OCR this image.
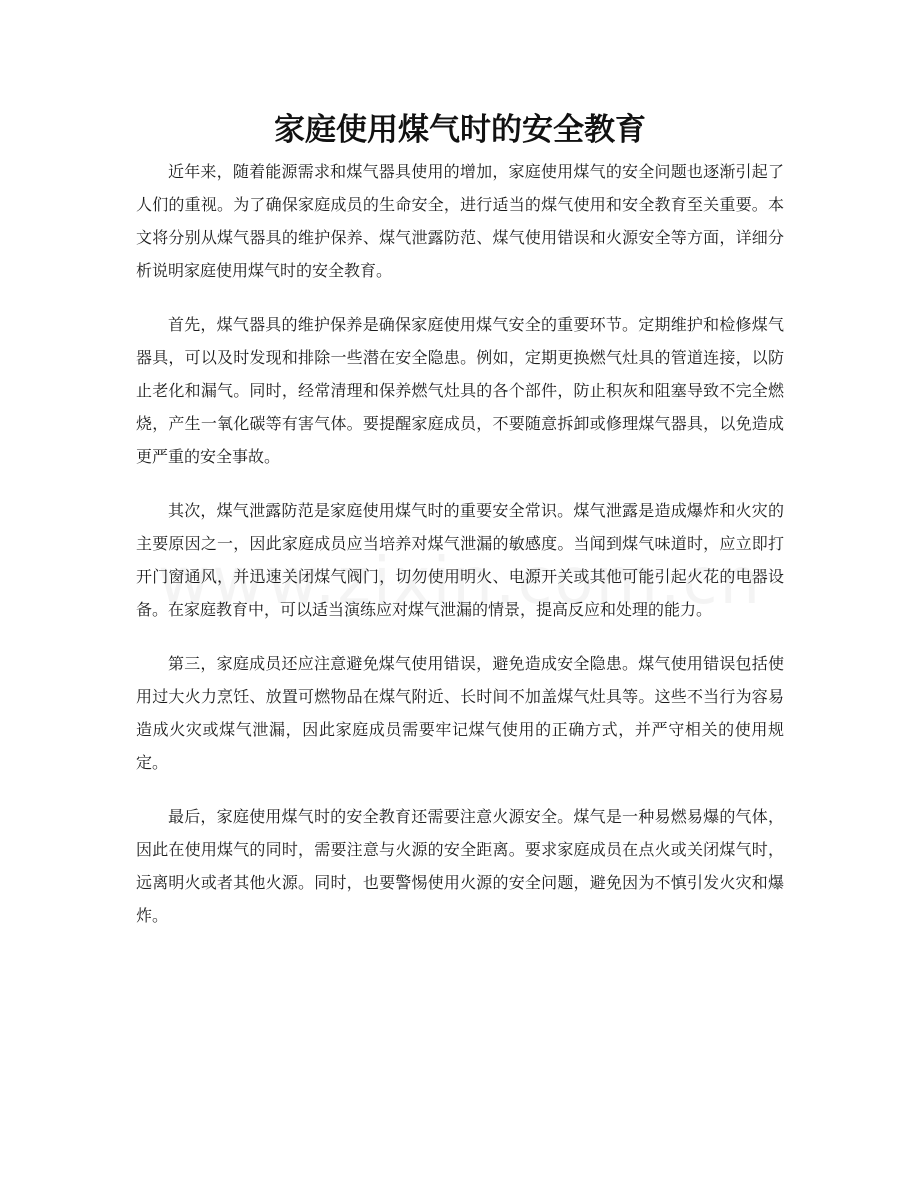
家庭使用煤气时的安全教育

近年来，随着能源需求和煤气器具使用的增加，家庭使用煤气的安全问题也逐渐引起了人们的重视。为了确保家庭成员的生命安全，进行适当的煤气使用和安全教育至关重要。本文将分别从煤气器具的维护保养、煤气泄露防范、煤气使用错误和火源安全等方面，详细分析说明家庭使用煤气时的安全教育。

首先，煤气器具的维护保养是确保家庭使用煤气安全的重要环节。定期维护和检修煤气器具，可以及时发现和排除一些潜在安全隐患。例如，定期更换燃气灶具的管道连接，以防止老化和漏气。同时，经常清理和保养燃气灶具的各个部件，防止积灰和阻塞导致不完全燃烧，产生一氧化碳等有害气体。要提醒家庭成员，不要随意拆卸或修理煤气器具，以免造成更严重的安全事故。

其次，煤气泄露防范是家庭使用煤气时的重要安全常识。煤气泄露是造成爆炸和火灾的主要原因之一，因此家庭成员应当培养对煤气泄漏的敏感度。当闻到煤气味道时，应立即打开门窗通风，并迅速关闭煤气阀门，切勿使用明火、电源开关或其他可能引起火花的电器设备。在家庭教育中，可以适当演练应对煤气泄漏的情景，提高反应和处理的能力。

第三，家庭成员还应注意避免煤气使用错误，避免造成安全隐患。煤气使用错误包括使用过大火力烹饪、放置可燃物品在煤气附近、长时间不加盖煤气灶具等。这些不当行为容易造成火灾或煤气泄漏，因此家庭成员需要牢记煤气使用的正确方式，并严守相关的使用规定。

最后，家庭使用煤气时的安全教育还需要注意火源安全。煤气是一种易燃易爆的气体，因此在使用煤气的同时，需要注意与火源的安全距离。要求家庭成员在点火或关闭煤气时，远离明火或者其他火源。同时，也要警惕使用火源的安全问题，避免因为不慎引发火灾和爆炸。
